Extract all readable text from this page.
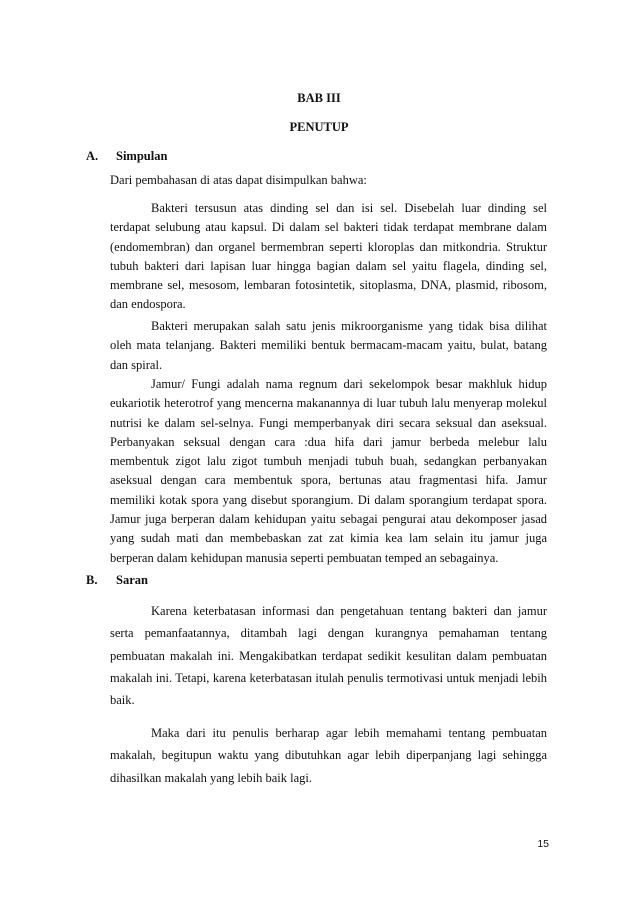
BAB III
PENUTUP
A. Simpulan
Dari pembahasan di atas dapat disimpulkan bahwa:

Bakteri tersusun atas dinding sel dan isi sel. Disebelah luar dinding sel terdapat selubung atau kapsul. Di dalam sel bakteri tidak terdapat membrane dalam (endomembran) dan organel bermembran seperti kloroplas dan mitkondria. Struktur tubuh bakteri dari lapisan luar hingga bagian dalam sel yaitu flagela, dinding sel, membrane sel, mesosom, lembaran fotosintetik, sitoplasma, DNA, plasmid, ribosom, dan endospora.

Bakteri merupakan salah satu jenis mikroorganisme yang tidak bisa dilihat oleh mata telanjang. Bakteri memiliki bentuk bermacam-macam yaitu, bulat, batang dan spiral.

Jamur/ Fungi adalah nama regnum dari sekelompok besar makhluk hidup eukariotik heterotrof yang mencerna makanannya di luar tubuh lalu menyerap molekul nutrisi ke dalam sel-selnya. Fungi memperbanyak diri secara seksual dan aseksual. Perbanyakan seksual dengan cara :dua hifa dari jamur berbeda melebur lalu membentuk zigot lalu zigot tumbuh menjadi tubuh buah, sedangkan perbanyakan aseksual dengan cara membentuk spora, bertunas atau fragmentasi hifa. Jamur memiliki kotak spora yang disebut sporangium. Di dalam sporangium terdapat spora. Jamur juga berperan dalam kehidupan yaitu sebagai pengurai atau dekomposer jasad yang sudah mati dan membebaskan zat zat kimia kea lam selain itu jamur juga berperan dalam kehidupan manusia seperti pembuatan temped an sebagainya.

B. Saran

Karena keterbatasan informasi dan pengetahuan tentang bakteri dan jamur serta pemanfaatannya, ditambah lagi dengan kurangnya pemahaman tentang pembuatan makalah ini. Mengakibatkan terdapat sedikit kesulitan dalam pembuatan makalah ini. Tetapi, karena keterbatasan itulah penulis termotivasi untuk menjadi lebih baik.

Maka dari itu penulis berharap agar lebih memahami tentang pembuatan makalah, begitupun waktu yang dibutuhkan agar lebih diperpanjang lagi sehingga dihasilkan makalah yang lebih baik lagi.

15
